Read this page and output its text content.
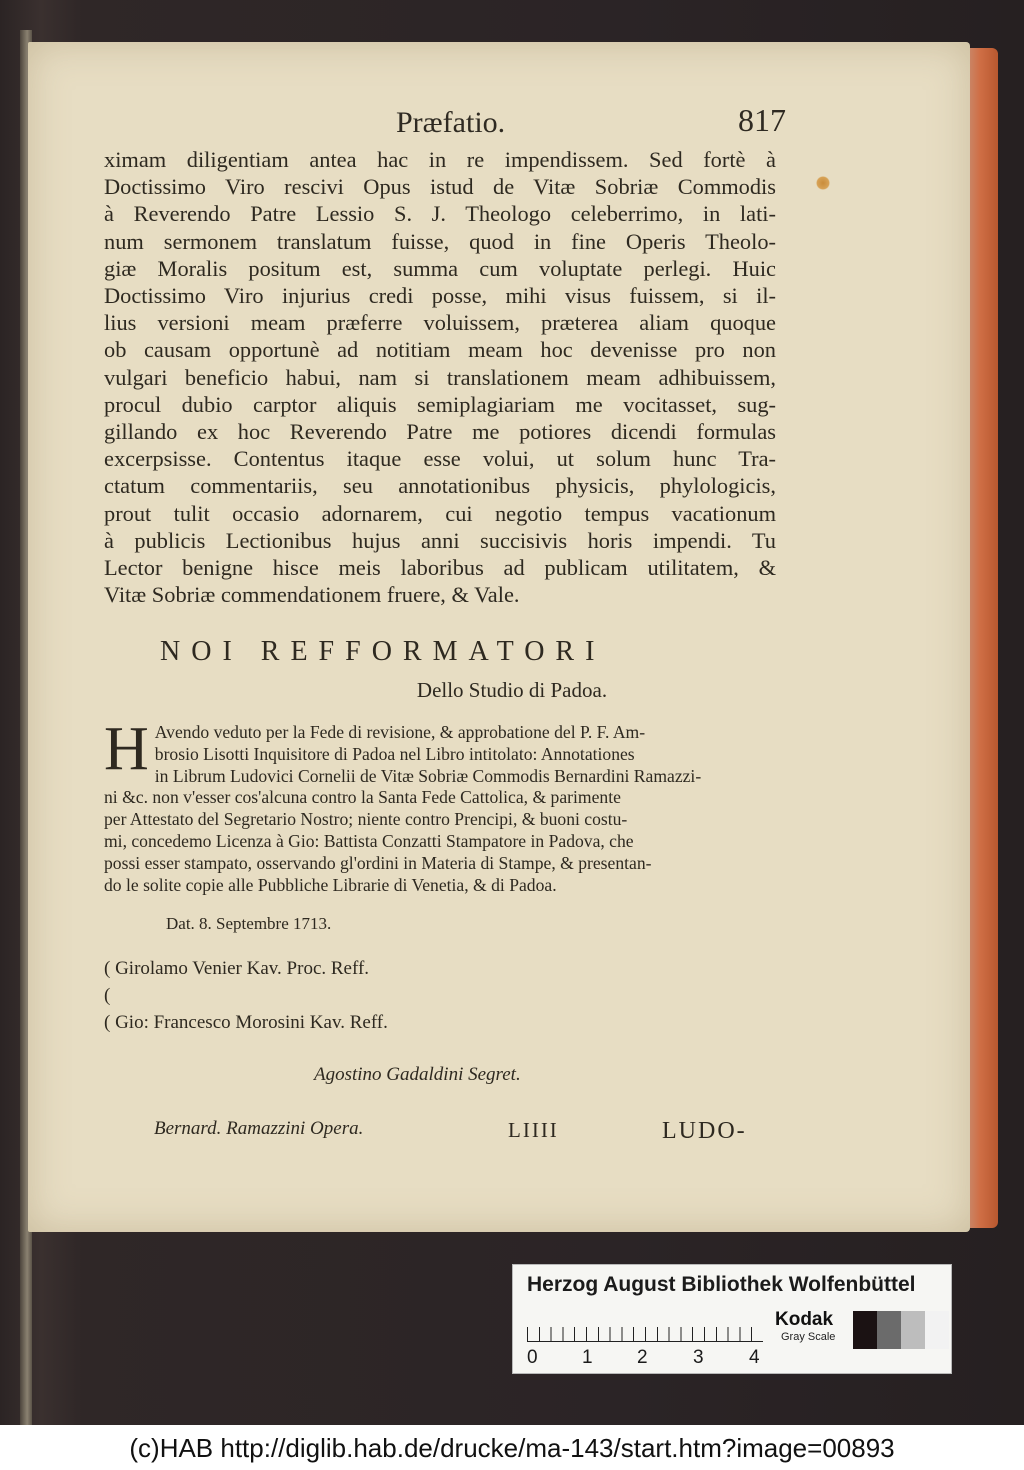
Præfatio.	817
ximam diligentiam antea hac in re impendissem. Sed fortè à
Doctissimo Viro rescivi Opus istud de Vitæ Sobriæ Commodis
à Reverendo Patre Lessio S. J. Theologo celeberrimo, in lati-
num sermonem translatum fuisse, quod in fine Operis Theolo-
giæ Moralis positum est, summa cum voluptate perlegi. Huic
Doctissimo Viro injurius credi posse, mihi visus fuissem, si il-
lius versioni meam præferre voluissem, præterea aliam quoque
ob causam opportunè ad notitiam meam hoc devenisse pro non
vulgari beneficio habui, nam si translationem meam adhibuissem,
procul dubio carptor aliquis semiplagiariam me vocitasset, sug-
gillando ex hoc Reverendo Patre me potiores dicendi formulas
excerpsisse. Contentus itaque esse volui, ut solum hunc Tra-
ctatum commentariis, seu annotationibus physicis, phylologicis,
prout tulit occasio adornarem, cui negotio tempus vacationum
à publicis Lectionibus hujus anni succisivis horis impendi. Tu
Lector benigne hisce meis laboribus ad publicam utilitatem, &
Vitæ Sobriæ commendationem fruere, & Vale.
NOI REFFORMATORI
Dello Studio di Padoa.
H Avendo veduto per la Fede di revisione, & approbatione del P. F. Am-
brosio Lisotti Inquisitore di Padoa nel Libro intitolato: Annotationes
in Librum Ludovici Cornelii de Vitæ Sobriæ Commodis Bernardini Ramazzi-
ni &c. non v'esser cos'alcuna contro la Santa Fede Cattolica, & parimente
per Attestato del Segretario Nostro; niente contro Prencipi, & buoni costu-
mi, concedemo Licenza à Gio: Battista Conzatti Stampatore in Padova, che
possi esser stampato, osservando gl'ordini in Materia di Stampe, & presentan-
do le solite copie alle Pubbliche Librarie di Venetia, & di Padoa.
Dat. 8. Septembre 1713.
( Girolamo Venier Kav. Proc. Reff.
(
( Gio: Francesco Morosini Kav. Reff.
Agostino Gadaldini Segret.
Bernard. Ramazzini Opera.	LIIII	LUDO-
Herzog August Bibliothek Wolfenbüttel
0 1 2 3 4
Kodak
Gray Scale
(c)HAB http://diglib.hab.de/drucke/ma-143/start.htm?image=00893
